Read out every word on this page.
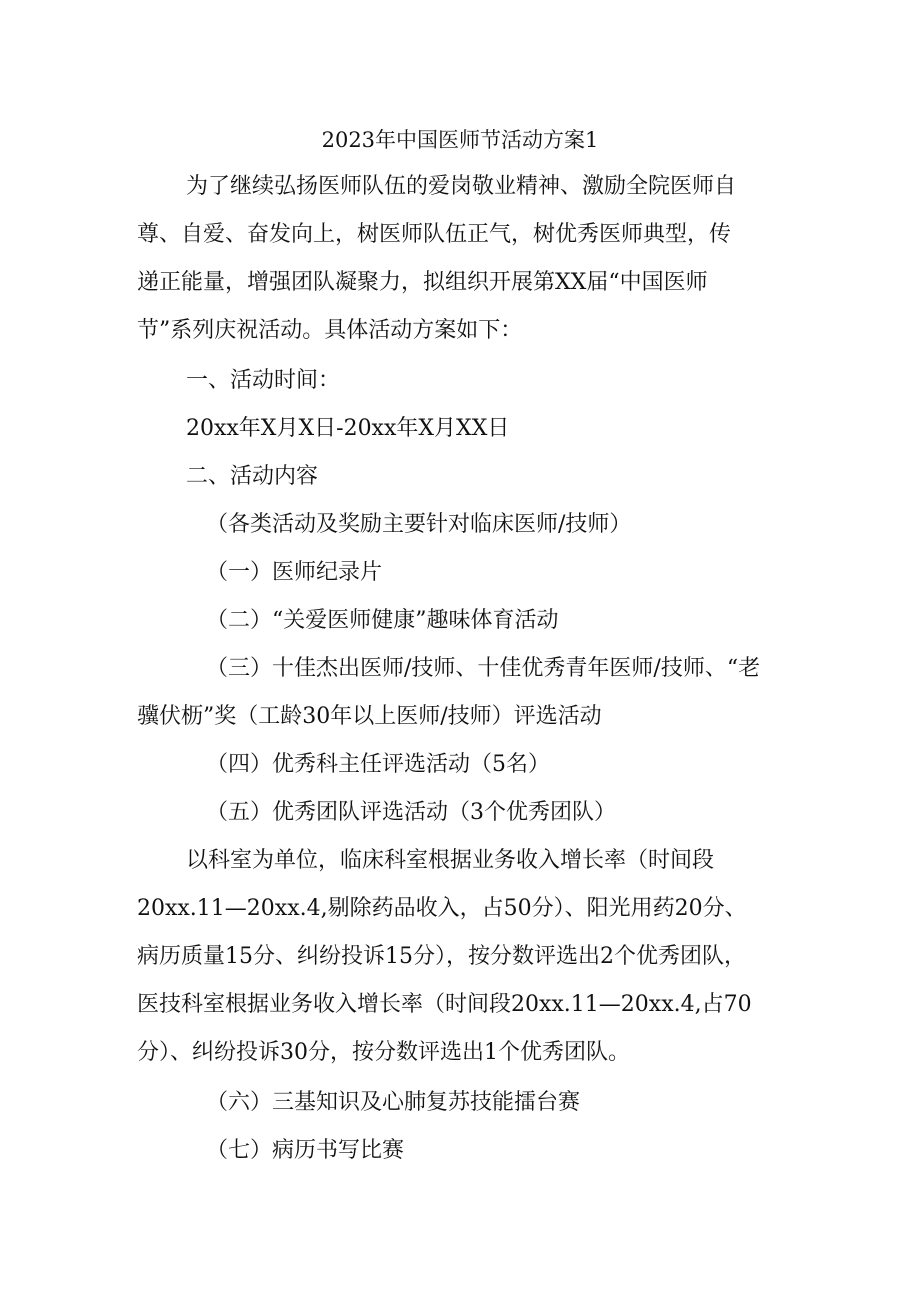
2023年中国医师节活动方案1
为了继续弘扬医师队伍的爱岗敬业精神、激励全院医师自
尊、自爱、奋发向上，树医师队伍正气，树优秀医师典型，传
递正能量，增强团队凝聚力，拟组织开展第XX届“中国医师
节”系列庆祝活动。具体活动方案如下：
一、活动时间：
20xx年X月X日-20xx年X月XX日
二、活动内容
（各类活动及奖励主要针对临床医师/技师）
（一）医师纪录片
（二）“关爱医师健康”趣味体育活动
（三）十佳杰出医师/技师、十佳优秀青年医师/技师、“老
骥伏枥”奖（工龄30年以上医师/技师）评选活动
（四）优秀科主任评选活动（5名）
（五）优秀团队评选活动（3个优秀团队）
以科室为单位，临床科室根据业务收入增长率（时间段
20xx.11—20xx.4,剔除药品收入，占50分）、阳光用药20分、
病历质量15分、纠纷投诉15分），按分数评选出2个优秀团队，
医技科室根据业务收入增长率（时间段20xx.11—20xx.4,占70
分）、纠纷投诉30分，按分数评选出1个优秀团队。
（六）三基知识及心肺复苏技能擂台赛
（七）病历书写比赛
